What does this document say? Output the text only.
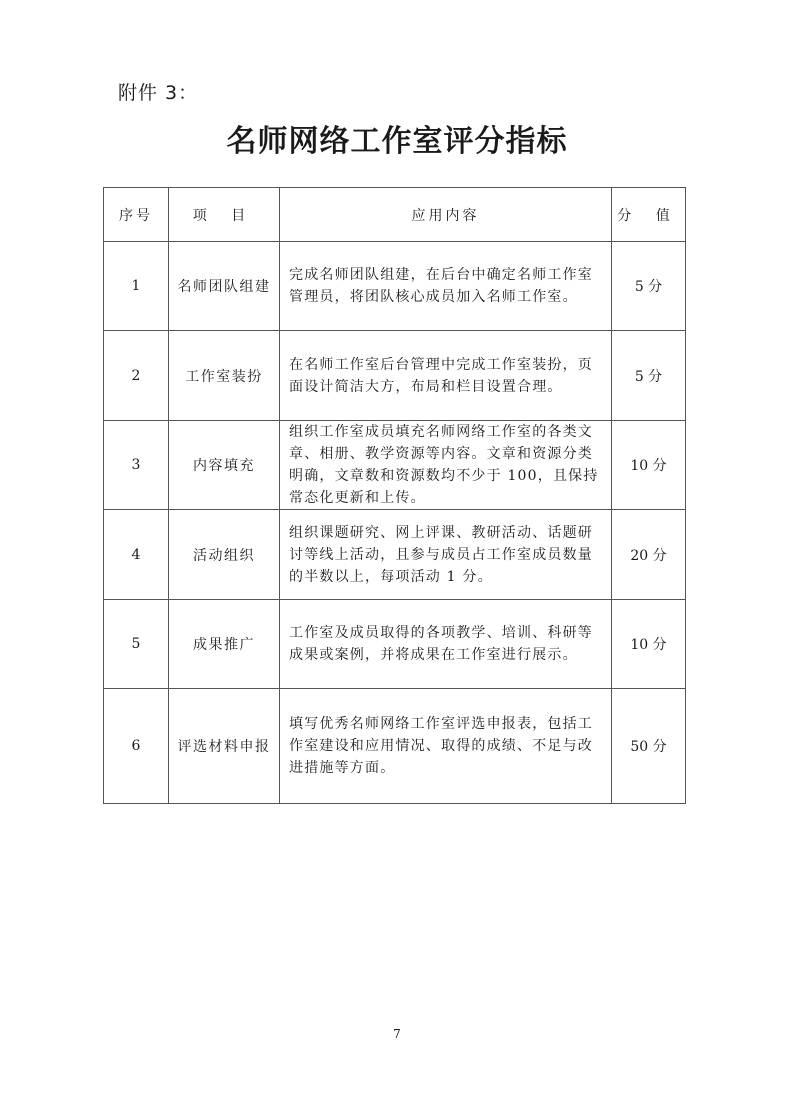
附件 3：
名师网络工作室评分指标
序号	项 目	应用内容	分 值
1	名师团队组建	完成名师团队组建，在后台中确定名师工作室管理员，将团队核心成员加入名师工作室。	5 分
2	工作室装扮	在名师工作室后台管理中完成工作室装扮，页面设计简洁大方，布局和栏目设置合理。	5 分
3	内容填充	组织工作室成员填充名师网络工作室的各类文章、相册、教学资源等内容。文章和资源分类明确，文章数和资源数均不少于 100，且保持常态化更新和上传。	10 分
4	活动组织	组织课题研究、网上评课、教研活动、话题研讨等线上活动，且参与成员占工作室成员数量的半数以上，每项活动 1 分。	20 分
5	成果推广	工作室及成员取得的各项教学、培训、科研等成果或案例，并将成果在工作室进行展示。	10 分
6	评选材料申报	填写优秀名师网络工作室评选申报表，包括工作室建设和应用情况、取得的成绩、不足与改进措施等方面。	50 分
7
